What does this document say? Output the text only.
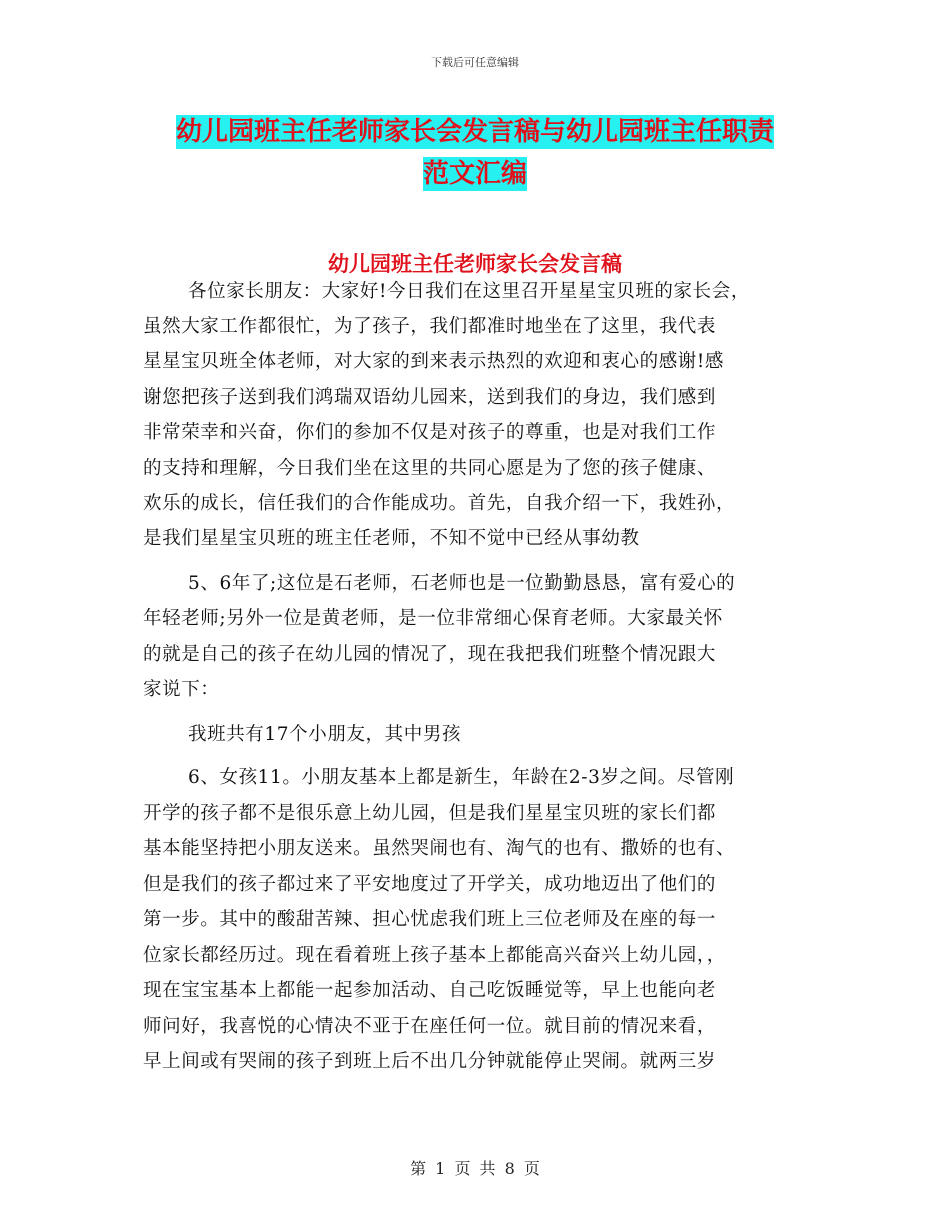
下载后可任意编辑
幼儿园班主任老师家长会发言稿与幼儿园班主任职责
范文汇编
幼儿园班主任老师家长会发言稿
各位家长朋友：大家好!今日我们在这里召开星星宝贝班的家长会，
虽然大家工作都很忙，为了孩子，我们都准时地坐在了这里，我代表
星星宝贝班全体老师，对大家的到来表示热烈的欢迎和衷心的感谢!感
谢您把孩子送到我们鸿瑞双语幼儿园来，送到我们的身边，我们感到
非常荣幸和兴奋，你们的参加不仅是对孩子的尊重，也是对我们工作
的支持和理解，今日我们坐在这里的共同心愿是为了您的孩子健康、
欢乐的成长，信任我们的合作能成功。首先，自我介绍一下，我姓孙，
是我们星星宝贝班的班主任老师，不知不觉中已经从事幼教
5、6年了;这位是石老师，石老师也是一位勤勤恳恳，富有爱心的
年轻老师;另外一位是黄老师，是一位非常细心保育老师。大家最关怀
的就是自己的孩子在幼儿园的情况了，现在我把我们班整个情况跟大
家说下：
我班共有17个小朋友，其中男孩
6、女孩11。小朋友基本上都是新生，年龄在2-3岁之间。尽管刚
开学的孩子都不是很乐意上幼儿园，但是我们星星宝贝班的家长们都
基本能坚持把小朋友送来。虽然哭闹也有、淘气的也有、撒娇的也有、
但是我们的孩子都过来了平安地度过了开学关，成功地迈出了他们的
第一步。其中的酸甜苦辣、担心忧虑我们班上三位老师及在座的每一
位家长都经历过。现在看着班上孩子基本上都能高兴奋兴上幼儿园，，
现在宝宝基本上都能一起参加活动、自己吃饭睡觉等，早上也能向老
师问好，我喜悦的心情决不亚于在座任何一位。就目前的情况来看，
早上间或有哭闹的孩子到班上后不出几分钟就能停止哭闹。就两三岁
第 1 页 共 8 页
